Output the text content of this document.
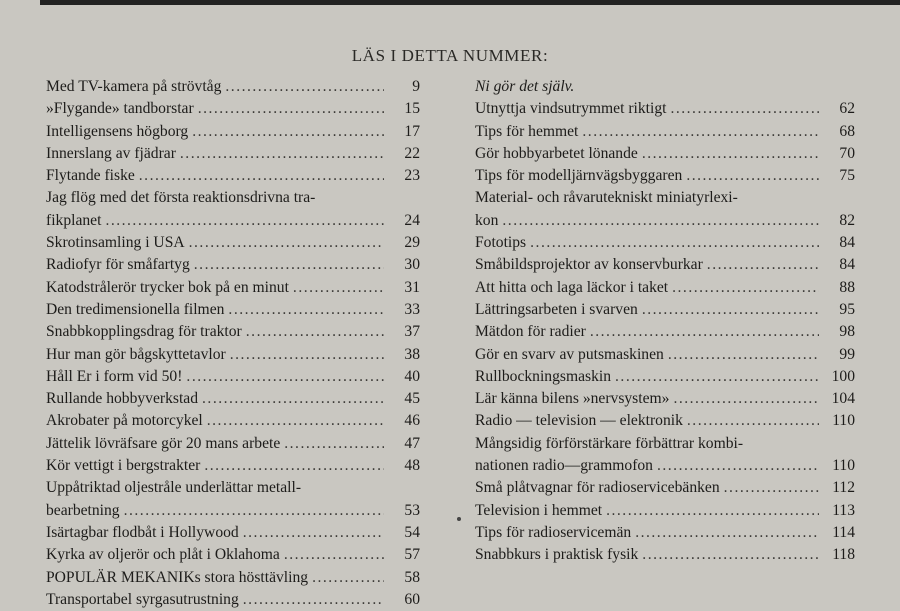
LÄS I DETTA NUMMER:
Med TV-kamera på strövtåg .....	9
»Flygande» tandborstar .....	15
Intelligensens högborg .....	17
Innerslang av fjädrar .....	22
Flytande fiske .....	23
Jag flög med det första reaktionsdrivna tra-
fikplanet .....	24
Skrotinsamling i USA .....	29
Radiofyr för småfartyg .....	30
Katodstrålerör trycker bok på en minut .....	31
Den tredimensionella filmen .....	33
Snabbkopplingsdrag för traktor .....	37
Hur man gör bågskyttetavlor .....	38
Håll Er i form vid 50! .....	40
Rullande hobbyverkstad .....	45
Akrobater på motorcykel .....	46
Jättelik lövräfsare gör 20 mans arbete .....	47
Kör vettigt i bergstrakter .....	48
Uppåtriktad oljestråle underlättar metall-
bearbetning .....	53
Isärtagbar flodbåt i Hollywood .....	54
Kyrka av oljerör och plåt i Oklahoma .....	57
POPULÄR MEKANIKs stora hösttävling .....	58
Transportabel syrgasutrustning .....	60
Ni gör det själv.
Utnyttja vindsutrymmet riktigt .....	62
Tips för hemmet .....	68
Gör hobbyarbetet lönande .....	70
Tips för modelljärnvägsbyggaren .....	75
Material- och råvarutekniskt miniatyrlexi-
kon .....	82
Fototips .....	84
Småbildsprojektor av konservburkar .....	84
Att hitta och laga läckor i taket .....	88
Lättringsarbeten i svarven .....	95
Mätdon för radier .....	98
Gör en svarv av putsmaskinen .....	99
Rullbockningsmaskin .....	100
Lär känna bilens »nervsystem» .....	104
Radio — television — elektronik .....	110
Mångsidig förförstärkare förbättrar kombi-
nationen radio—grammofon .....	110
Små plåtvagnar för radioservicebänken .....	112
Television i hemmet .....	113
Tips för radioservicemän .....	114
Snabbkurs i praktisk fysik .....	118
